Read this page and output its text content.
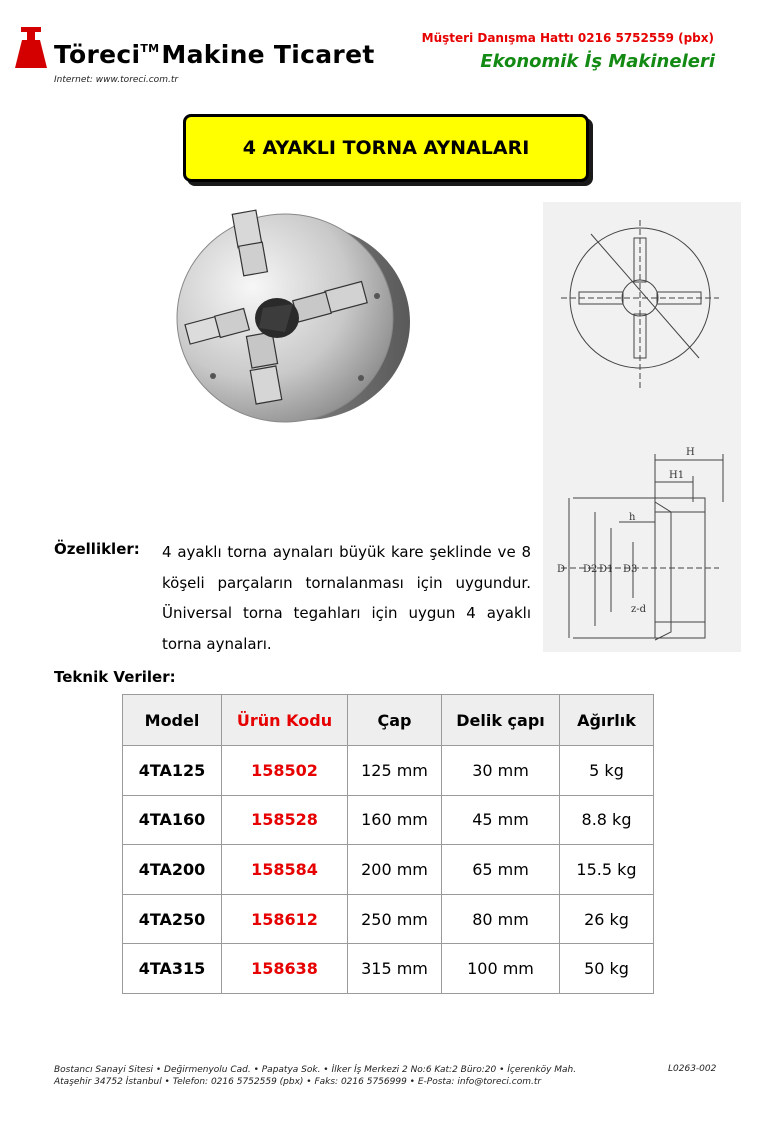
Töreci™Makine Ticaret
Internet: www.toreci.com.tr
Müşteri Danışma Hattı 0216 5752559 (pbx)
Ekonomik İş Makineleri
4 AYAKLI TORNA AYNALARI
H
H1
h
D D2 D1 D3
z-d
Özellikler: 4 ayaklı torna aynaları büyük kare şeklinde ve 8 köşeli parçaların tornalanması için uygundur. Üniversal torna tegahları için uygun 4 ayaklı torna aynaları.
Teknik Veriler:
Model	Ürün Kodu	Çap	Delik çapı	Ağırlık
4TA125	158502	125 mm	30 mm	5 kg
4TA160	158528	160 mm	45 mm	8.8 kg
4TA200	158584	200 mm	65 mm	15.5 kg
4TA250	158612	250 mm	80 mm	26 kg
4TA315	158638	315 mm	100 mm	50 kg
Bostancı Sanayi Sitesi • Değirmenyolu Cad. • Papatya Sok. • İlker İş Merkezi 2 No:6 Kat:2 Büro:20 • İçerenköy Mah.
Ataşehir 34752 İstanbul • Telefon: 0216 5752559 (pbx) • Faks: 0216 5756999 • E-Posta: info@toreci.com.tr
L0263-002
